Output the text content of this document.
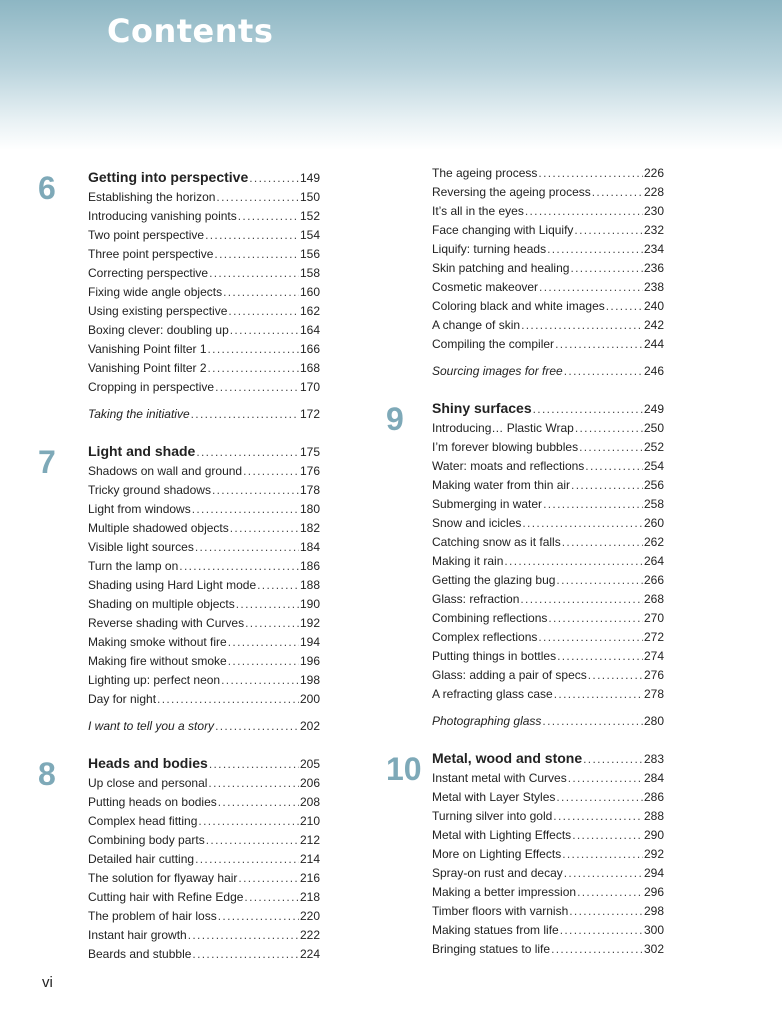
Contents
6	Getting into perspective . . .	149
Establishing the horizon . . .	150
Introducing vanishing points . . .	152
Two point perspective . . .	154
Three point perspective . . .	156
Correcting perspective . . .	158
Fixing wide angle objects . . .	160
Using existing perspective . . .	162
Boxing clever: doubling up . . .	164
Vanishing Point filter 1 . . .	166
Vanishing Point filter 2 . . .	168
Cropping in perspective . . .	170
Taking the initiative . . .	172
7	Light and shade . . .	175
Shadows on wall and ground . . .	176
Tricky ground shadows . . .	178
Light from windows . . .	180
Multiple shadowed objects . . .	182
Visible light sources . . .	184
Turn the lamp on . . .	186
Shading using Hard Light mode . . .	188
Shading on multiple objects . . .	190
Reverse shading with Curves . . .	192
Making smoke without fire . . .	194
Making fire without smoke . . .	196
Lighting up: perfect neon . . .	198
Day for night . . .	200
I want to tell you a story . . .	202
8	Heads and bodies . . .	205
Up close and personal . . .	206
Putting heads on bodies . . .	208
Complex head fitting . . .	210
Combining body parts . . .	212
Detailed hair cutting . . .	214
The solution for flyaway hair . . .	216
Cutting hair with Refine Edge . . .	218
The problem of hair loss . . .	220
Instant hair growth . . .	222
Beards and stubble . . .	224
The ageing process . . .	226
Reversing the ageing process . . .	228
It’s all in the eyes . . .	230
Face changing with Liquify . . .	232
Liquify: turning heads . . .	234
Skin patching and healing . . .	236
Cosmetic makeover . . .	238
Coloring black and white images . . .	240
A change of skin . . .	242
Compiling the compiler . . .	244
Sourcing images for free . . .	246
9	Shiny surfaces . . .	249
Introducing… Plastic Wrap . . .	250
I’m forever blowing bubbles . . .	252
Water: moats and reflections . . .	254
Making water from thin air . . .	256
Submerging in water . . .	258
Snow and icicles . . .	260
Catching snow as it falls . . .	262
Making it rain . . .	264
Getting the glazing bug . . .	266
Glass: refraction . . .	268
Combining reflections . . .	270
Complex reflections . . .	272
Putting things in bottles . . .	274
Glass: adding a pair of specs . . .	276
A refracting glass case . . .	278
Photographing glass . . .	280
10 Metal, wood and stone . . .	283
Instant metal with Curves . . .	284
Metal with Layer Styles . . .	286
Turning silver into gold . . .	288
Metal with Lighting Effects . . .	290
More on Lighting Effects . . .	292
Spray-on rust and decay . . .	294
Making a better impression . . .	296
Timber floors with varnish . . .	298
Making statues from life . . .	300
Bringing statues to life . . .	302
vi
